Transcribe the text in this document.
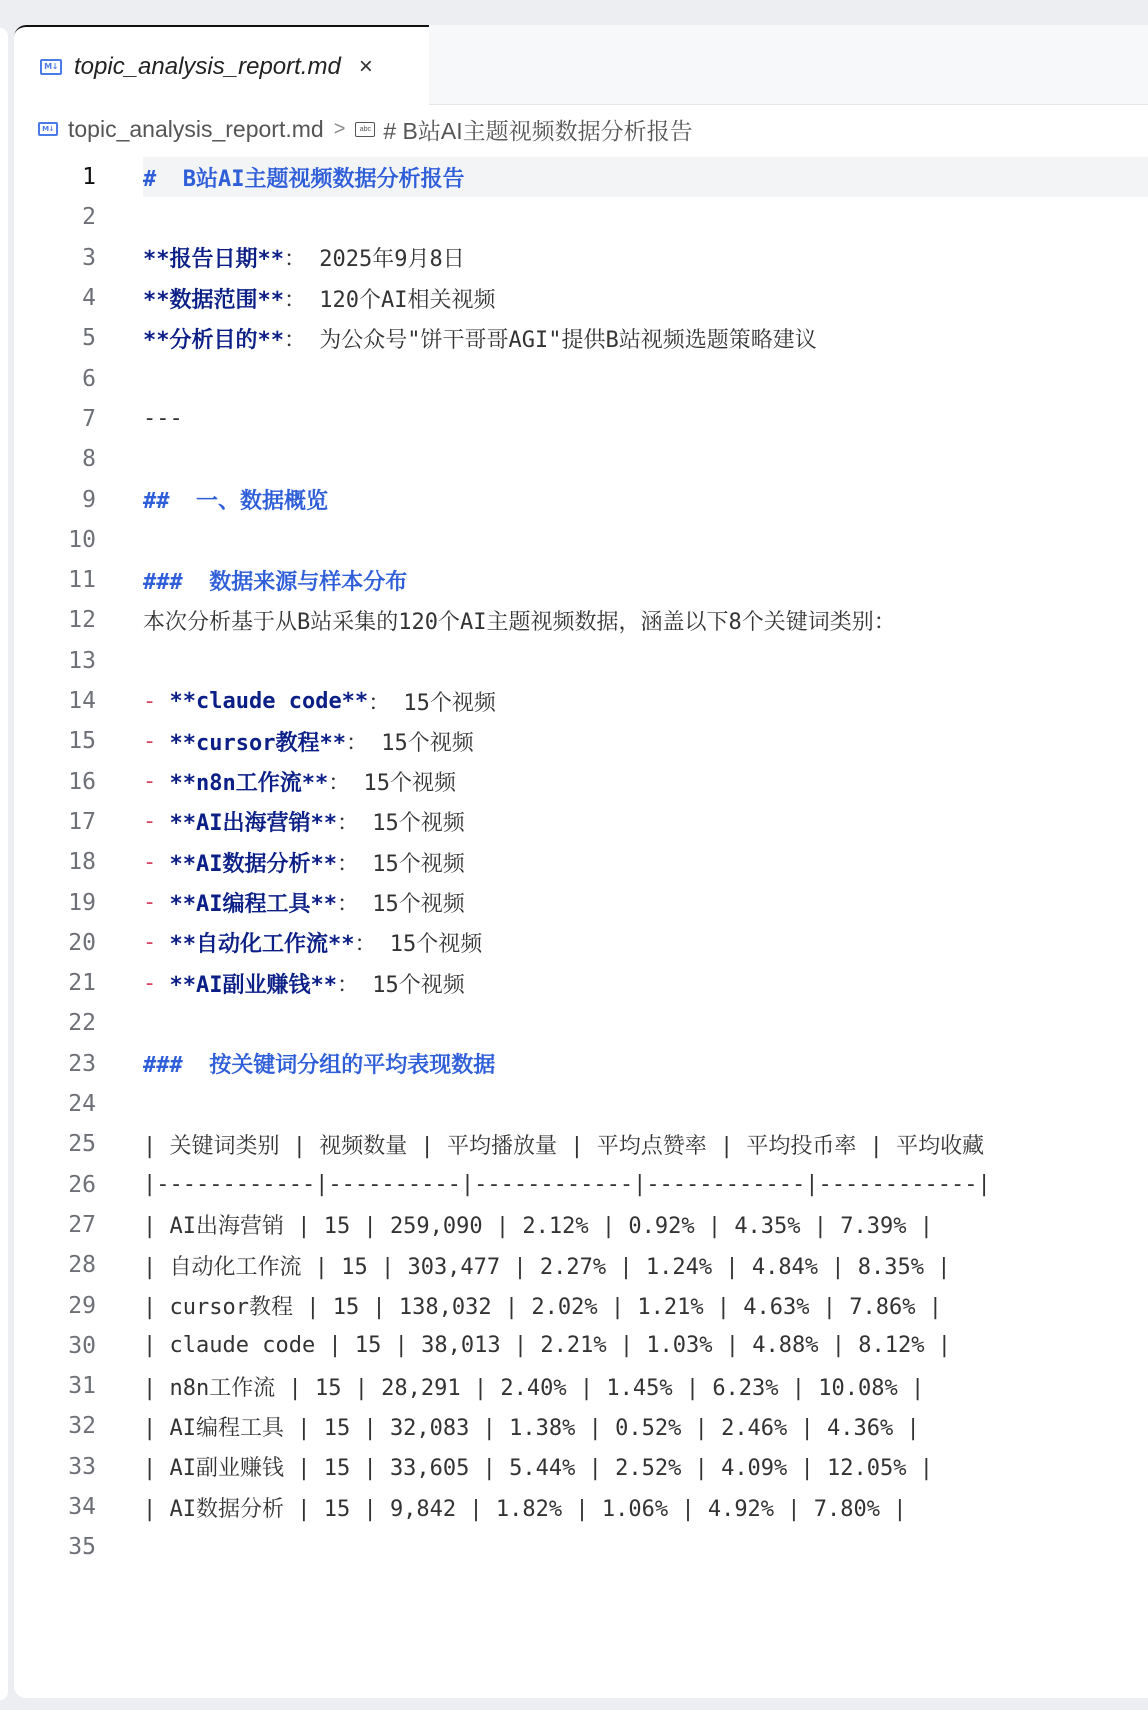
M↓ topic_analysis_report.md ×
M↓ topic_analysis_report.md >	abc # B站AI主题视频数据分析报告
1 #  B站AI主题视频数据分析报告
2
3 **报告日期** ： 2025年9月8日
4 **数据范围** ： 120个AI相关视频
5 **分析目的** ： 为公众号"饼干哥哥AGI"提供B站视频选题策略建议
6
7 ---
8
9 ##  一、数据概览
10
11 ###  数据来源与样本分布
12 本次分析基于从B站采集的120个AI主题视频数据，涵盖以下8个关键词类别：
13
14 - **claude code** ： 15个视频
15 - **cursor教程** ： 15个视频
16 - **n8n工作流** ： 15个视频
17 - **AI出海营销** ： 15个视频
18 - **AI数据分析** ： 15个视频
19 - **AI编程工具** ： 15个视频
20 - **自动化工作流** ： 15个视频
21 - **AI副业赚钱** ： 15个视频
22
23 ###  按关键词分组的平均表现数据
24
25 | 关键词类别 | 视频数量 | 平均播放量 | 平均点赞率 | 平均投币率 | 平均收藏
26 |------------|----------|------------|------------|------------|
27 | AI出海营销 | 15 | 259,090 | 2.12% | 0.92% | 4.35% | 7.39% |
28 | 自动化工作流 | 15 | 303,477 | 2.27% | 1.24% | 4.84% | 8.35% |
29 | cursor教程 | 15 | 138,032 | 2.02% | 1.21% | 4.63% | 7.86% |
30 | claude code | 15 | 38,013 | 2.21% | 1.03% | 4.88% | 8.12% |
31 | n8n工作流 | 15 | 28,291 | 2.40% | 1.45% | 6.23% | 10.08% |
32 | AI编程工具 | 15 | 32,083 | 1.38% | 0.52% | 2.46% | 4.36% |
33 | AI副业赚钱 | 15 | 33,605 | 5.44% | 2.52% | 4.09% | 12.05% |
34 | AI数据分析 | 15 | 9,842 | 1.82% | 1.06% | 4.92% | 7.80% |
35
